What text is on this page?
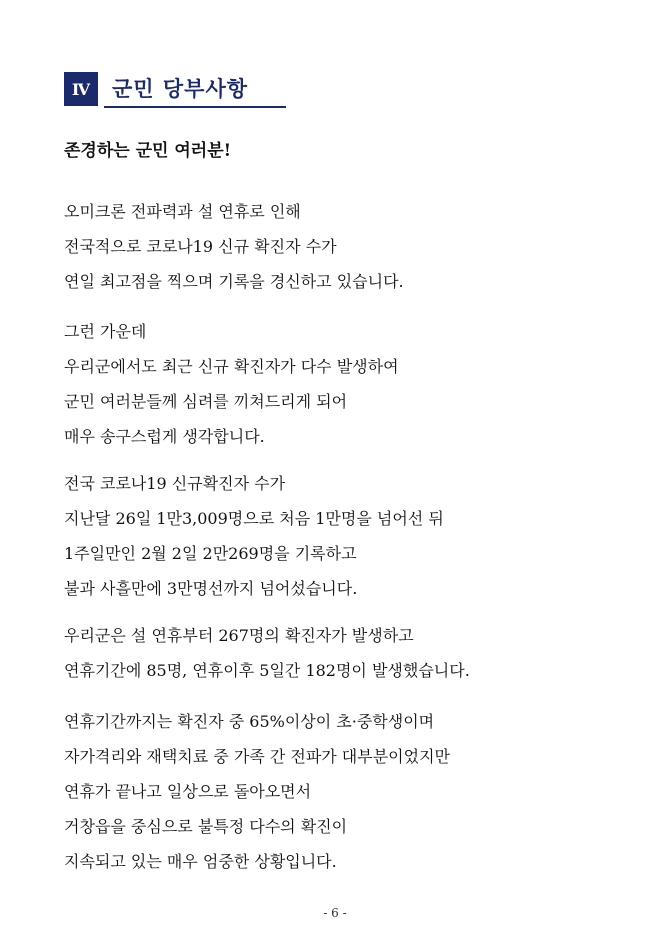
Ⅳ	군민 당부사항
존경하는 군민 여러분!
오미크론 전파력과 설 연휴로 인해
전국적으로 코로나19 신규 확진자 수가
연일 최고점을 찍으며 기록을 경신하고 있습니다.
그런 가운데
우리군에서도 최근 신규 확진자가 다수 발생하여
군민 여러분들께 심려를 끼쳐드리게 되어
매우 송구스럽게 생각합니다.
전국 코로나19 신규확진자 수가
지난달 26일 1만3,009명으로 처음 1만명을 넘어선 뒤
1주일만인 2월 2일 2만269명을 기록하고
불과 사흘만에 3만명선까지 넘어섰습니다.
우리군은 설 연휴부터 267명의 확진자가 발생하고
연휴기간에 85명, 연휴이후 5일간 182명이 발생했습니다.
연휴기간까지는 확진자 중 65%이상이 초·중학생이며
자가격리와 재택치료 중 가족 간 전파가 대부분이었지만
연휴가 끝나고 일상으로 돌아오면서
거창읍을 중심으로 불특정 다수의 확진이
지속되고 있는 매우 엄중한 상황입니다.
- 6 -
